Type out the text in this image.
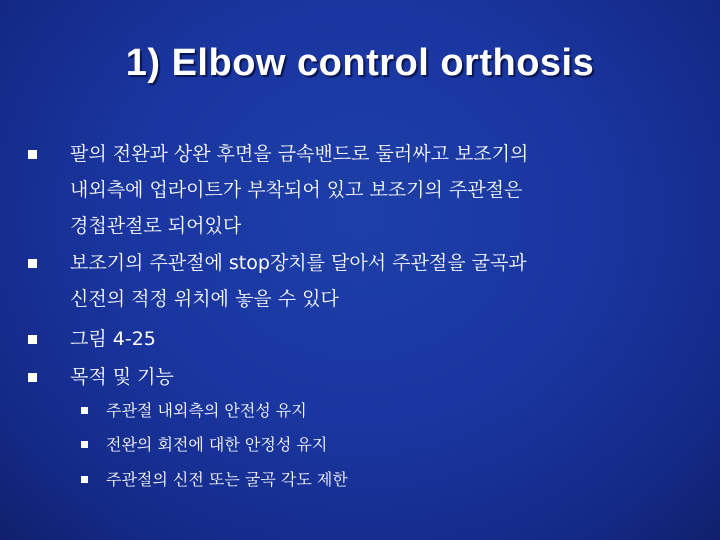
1) Elbow control orthosis
팔의 전완과 상완 후면을 금속밴드로 둘러싸고 보조기의
내외측에 업라이트가 부착되어 있고 보조기의 주관절은
경첩관절로 되어있다
보조기의 주관절에 stop장치를 달아서 주관절을 굴곡과
신전의 적정 위치에 놓을 수 있다
그림 4-25
목적 및 기능
주관절 내외측의 안전성 유지
전완의 회전에 대한 안정성 유지
주관절의 신전 또는 굴곡 각도 제한
